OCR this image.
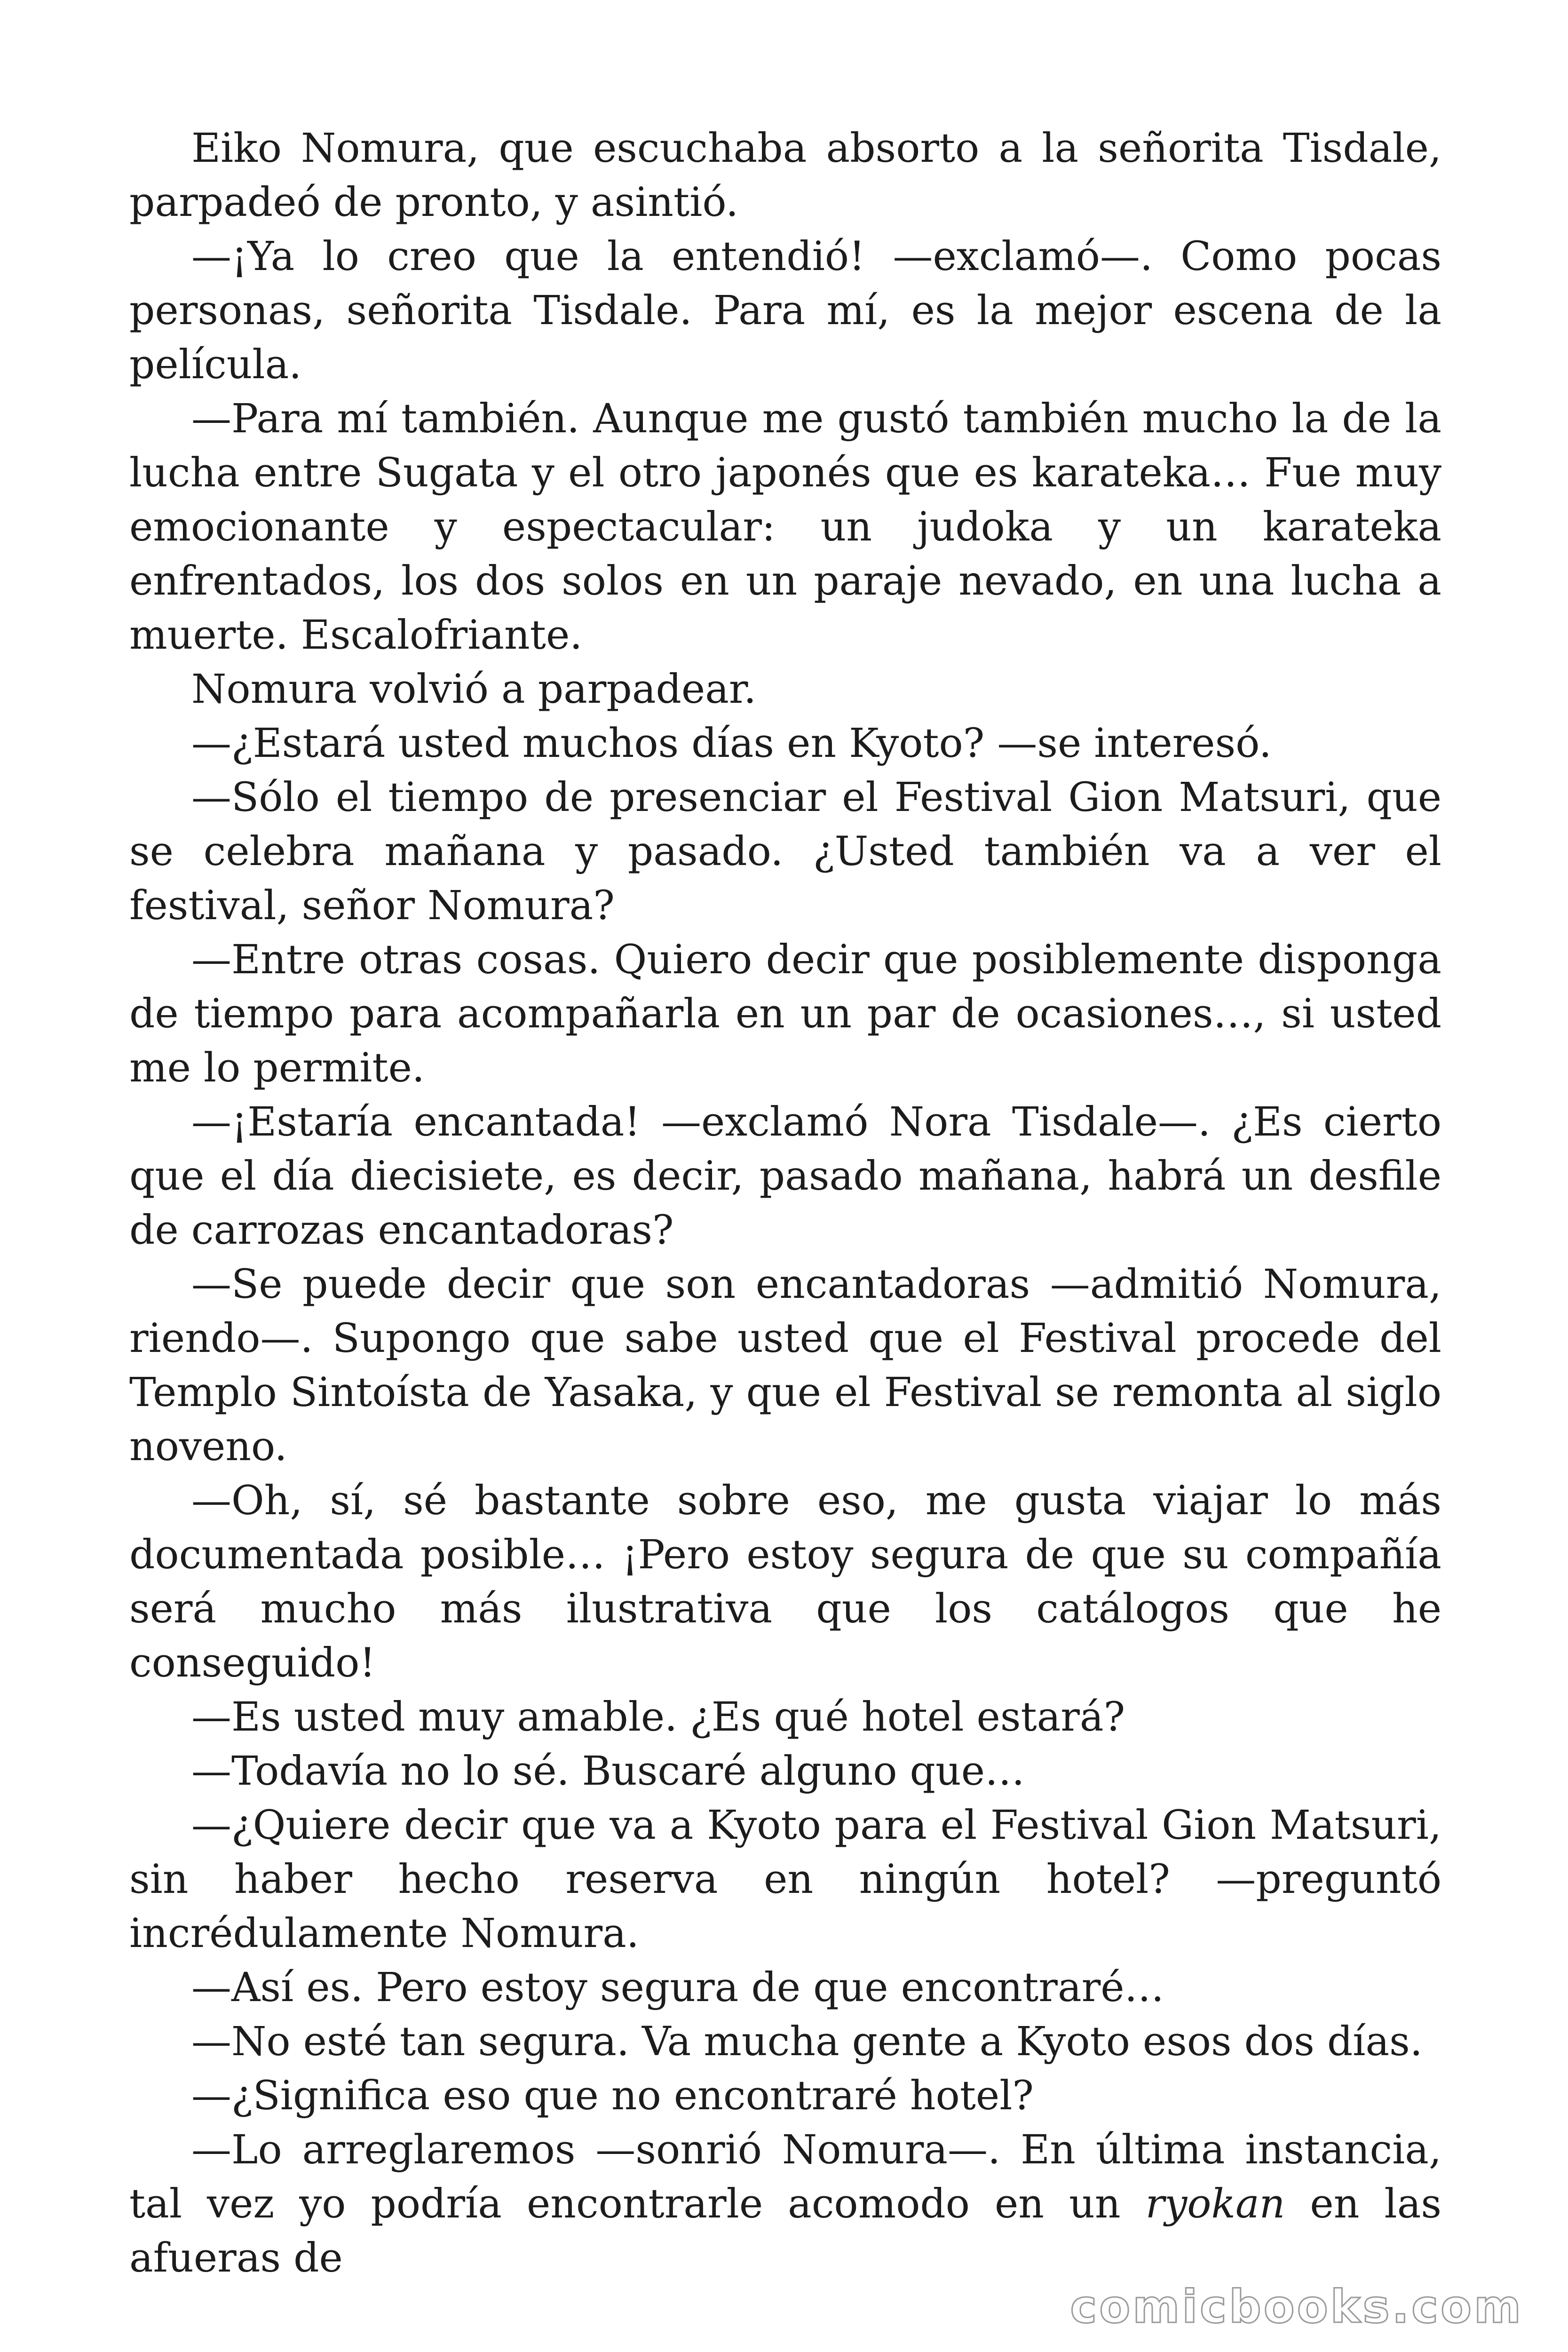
Eiko Nomura, que escuchaba absorto a la señorita Tisdale, parpadeó de pronto, y asintió.

—¡Ya lo creo que la entendió! —exclamó—. Como pocas personas, señorita Tisdale. Para mí, es la mejor escena de la película.

—Para mí también. Aunque me gustó también mucho la de la lucha entre Sugata y el otro japonés que es karateka… Fue muy emocionante y espectacular: un judoka y un karateka enfrentados, los dos solos en un paraje nevado, en una lucha a muerte. Escalofriante.

Nomura volvió a parpadear.

—¿Estará usted muchos días en Kyoto? —se interesó.

—Sólo el tiempo de presenciar el Festival Gion Matsuri, que se celebra mañana y pasado. ¿Usted también va a ver el festival, señor Nomura?

—Entre otras cosas. Quiero decir que posiblemente disponga de tiempo para acompañarla en un par de ocasiones…, si usted me lo permite.

—¡Estaría encantada! —exclamó Nora Tisdale—. ¿Es cierto que el día diecisiete, es decir, pasado mañana, habrá un desfile de carrozas encantadoras?

—Se puede decir que son encantadoras —admitió Nomura, riendo—. Supongo que sabe usted que el Festival procede del Templo Sintoísta de Yasaka, y que el Festival se remonta al siglo noveno.

—Oh, sí, sé bastante sobre eso, me gusta viajar lo más documentada posible… ¡Pero estoy segura de que su compañía será mucho más ilustrativa que los catálogos que he conseguido!

—Es usted muy amable. ¿Es qué hotel estará?

—Todavía no lo sé. Buscaré alguno que…

—¿Quiere decir que va a Kyoto para el Festival Gion Matsuri, sin haber hecho reserva en ningún hotel? —preguntó incrédulamente Nomura.

—Así es. Pero estoy segura de que encontraré…

—No esté tan segura. Va mucha gente a Kyoto esos dos días.

—¿Significa eso que no encontraré hotel?

—Lo arreglaremos —sonrió Nomura—. En última instancia, tal vez yo podría encontrarle acomodo en un ryokan en las afueras de

comicbooks.com
